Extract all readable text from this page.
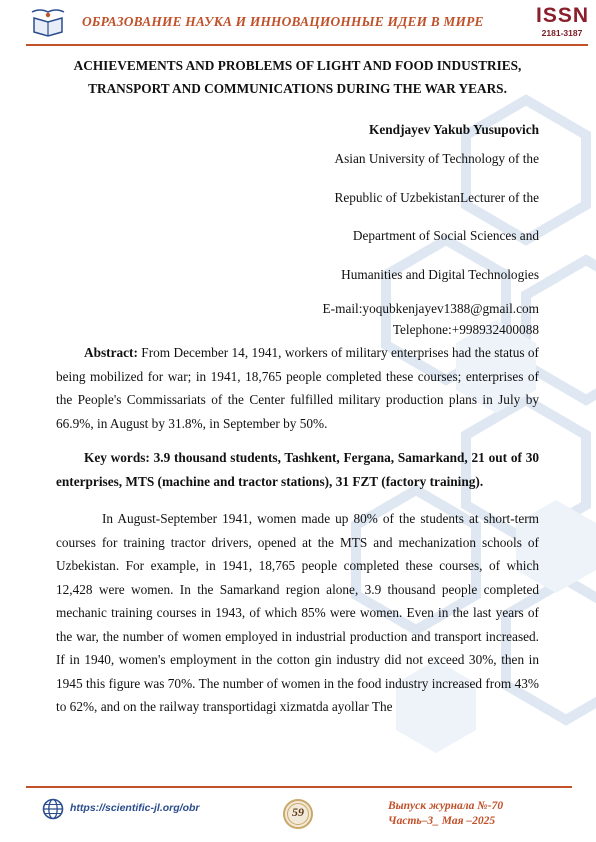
ОБРАЗОВАНИЕ НАУКА И ИННОВАЦИОННЫЕ ИДЕИ В МИРЕ ISSN
2181-3187

ACHIEVEMENTS AND PROBLEMS OF LIGHT AND FOOD INDUSTRIES, TRANSPORT AND COMMUNICATIONS DURING THE WAR YEARS.

Kendjayev Yakub Yusupovich
Asian University of Technology of the
Republic of UzbekistanLecturer of the
Department of Social Sciences and
Humanities and Digital Technologies
E-mail:yoqubkenjayev1388@gmail.com
Telephone:+998932400088
Abstract: From December 14, 1941, workers of military enterprises had the status of being mobilized for war; in 1941, 18,765 people completed these courses; enterprises of the People's Commissariats of the Center fulfilled military production plans in July by 66.9%, in August by 31.8%, in September by 50%.
Key words: 3.9 thousand students, Tashkent, Fergana, Samarkand, 21 out of 30 enterprises, MTS (machine and tractor stations), 31 FZT (factory training).
In August-September 1941, women made up 80% of the students at short-term courses for training tractor drivers, opened at the MTS and mechanization schools of Uzbekistan. For example, in 1941, 18,765 people completed these courses, of which 12,428 were women. In the Samarkand region alone, 3.9 thousand people completed mechanic training courses in 1943, of which 85% were women. Even in the last years of the war, the number of women employed in industrial production and transport increased. If in 1940, women's employment in the cotton gin industry did not exceed 30%, then in 1945 this figure was 70%. The number of women in the food industry increased from 43% to 62%, and on the railway transportidagi xizmatda ayollar The
https://scientific-jl.org/obr	59	Выпуск журнала №-70
Часть–3_ Мая –2025
